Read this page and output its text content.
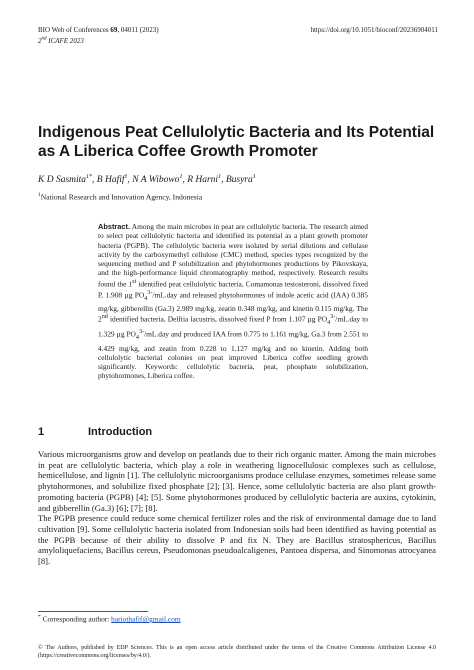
BIO Web of Conferences 69, 04011 (2023)
2nd ICAFE 2023
https://doi.org/10.1051/bioconf/20236904011
Indigenous Peat Cellulolytic Bacteria and Its Potential as A Liberica Coffee Growth Promoter
K D Sasmita$^{1*}$, B Hafif$^1$, N A Wibowo$^1$, R Harni$^1$, Busyra$^1$
$^1$National Research and Innovation Agency, Indonesia

Abstract. Among the main microbes in peat are cellulolytic bacteria. The research aimed to select peat cellulolytic bacteria and identified its potential as a plant growth promoter bacteria (PGPB). The cellulolytic bacteria were isolated by serial dilutions and cellulase activity by the carboxymethyl cellulose (CMC) method, species types recognized by the sequencing method and P solubilization and phytohormones productions by Pikovskaya, and the high-performance liquid chromatography method, respectively. Research results found the 1st identified peat cellulolytic bacteria, Comamonas testosteroni, dissolved fixed P, 1.908 µg $PO_4^{3-}/mL.day$ and released phytohormones of indole acetic acid (IAA) 0.385 mg/kg, gibberellin (Ga.3) 2.989 mg/kg, zeatin 0.348 mg/kg, and kinetin 0.115 mg/kg. The 2nd identified bacteria, Delftia lacustris, dissolved fixed P from 1.107 µg $PO_4^{3-}/mL.day$ to 1.329 µg $PO_4^{3-}/mL.day$ and produced IAA from 0.775 to 1.161 mg/kg, Ga.3 from 2.551 to 4.429 mg/kg, and zeatin from 0.228 to 1.127 mg/kg and no kinetin. Adding both cellulolytic bacterial colonies on peat improved Liberica coffee seedling growth significantly. Keywords: cellulolytic bacteria, peat, phosphate solubilization, phytohormones, Liberica coffee.

1	Introduction

Various microorganisms grow and develop on peatlands due to their rich organic matter. Among the main microbes in peat are cellulolytic bacteria, which play a role in weathering lignocellulosic complexes such as cellulose, hemicellulose, and lignin [1]. The cellulolytic microorganisms produce cellulase enzymes, sometimes release some phytohormones, and solubilize fixed phosphate [2]; [3]. Hence, some cellulolytic bacteria are also plant growth-promoting bacteria (PGPB) [4]; [5]. Some phytohormones produced by cellulolytic bacteria are auxins, cytokinin, and gibberellin (Ga.3) [6]; [7]; [8].

The PGPB presence could reduce some chemical fertilizer roles and the risk of environmental damage due to land cultivation [9]. Some cellulolytic bacteria isolated from Indonesian soils had been identified as having potential as the PGPB because of their ability to dissolve P and fix N. They are Bacillus stratosphericus, Bacillus amyloliquefaciens, Bacillus cereus, Pseudomonas pseudoalcaligenes, Pantoea dispersa, and Sinomonas atrocyanea [8].

* Corresponding author: bariothafif@gmail.com
© The Authors, published by EDP Sciences. This is an open access article distributed under the terms of the Creative Commons Attribution License 4.0 (https://creativecommons.org/licenses/by/4.0/).
